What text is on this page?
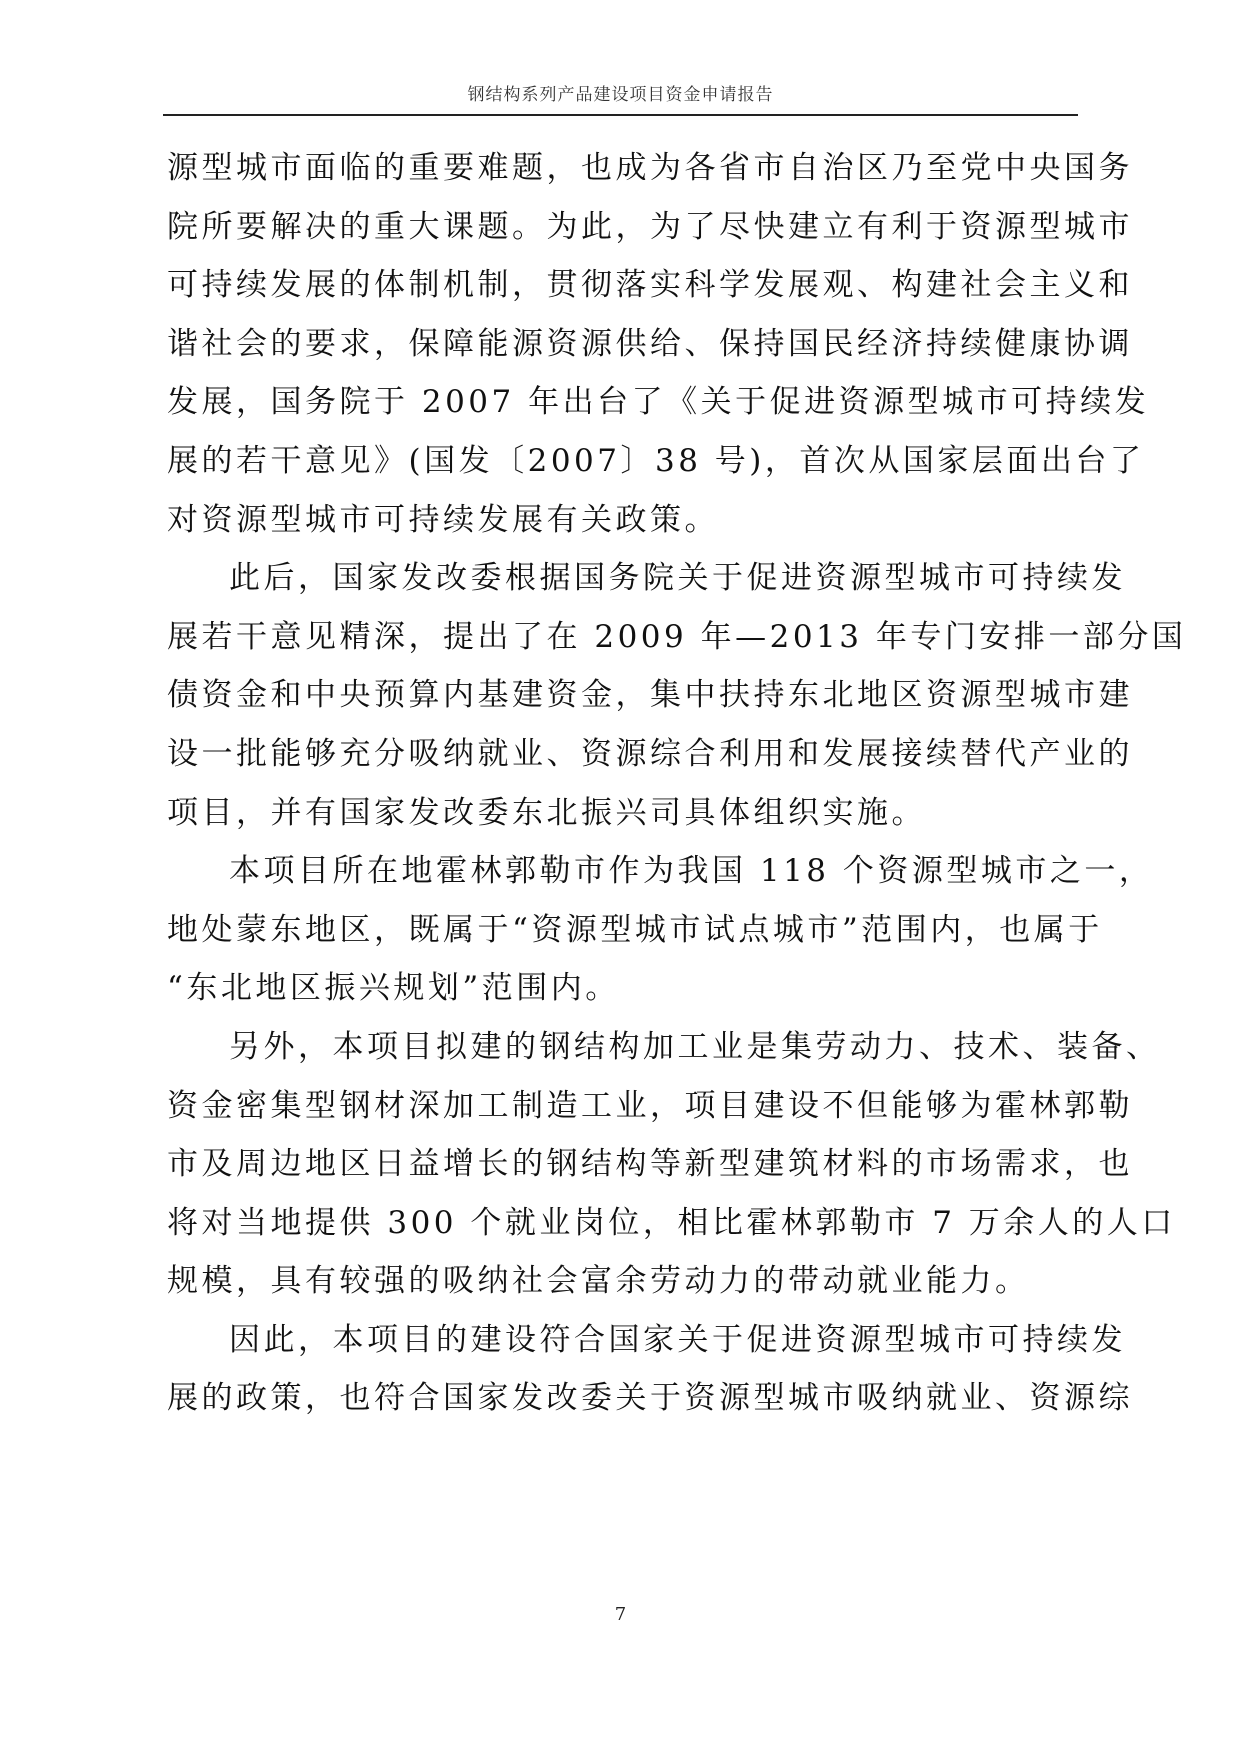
钢结构系列产品建设项目资金申请报告

源型城市面临的重要难题，也成为各省市自治区乃至党中央国务
院所要解决的重大课题。为此，为了尽快建立有利于资源型城市
可持续发展的体制机制，贯彻落实科学发展观、构建社会主义和
谐社会的要求，保障能源资源供给、保持国民经济持续健康协调
发展，国务院于 2007 年出台了《关于促进资源型城市可持续发
展的若干意见》(国发〔2007〕38 号)，首次从国家层面出台了
对资源型城市可持续发展有关政策。

此后，国家发改委根据国务院关于促进资源型城市可持续发
展若干意见精深，提出了在 2009 年—2013 年专门安排一部分国
债资金和中央预算内基建资金，集中扶持东北地区资源型城市建
设一批能够充分吸纳就业、资源综合利用和发展接续替代产业的
项目，并有国家发改委东北振兴司具体组织实施。

本项目所在地霍林郭勒市作为我国 118 个资源型城市之一，
地处蒙东地区，既属于“资源型城市试点城市”范围内，也属于
“东北地区振兴规划”范围内。

另外，本项目拟建的钢结构加工业是集劳动力、技术、装备、
资金密集型钢材深加工制造工业，项目建设不但能够为霍林郭勒
市及周边地区日益增长的钢结构等新型建筑材料的市场需求，也
将对当地提供 300 个就业岗位，相比霍林郭勒市 7 万余人的人口
规模，具有较强的吸纳社会富余劳动力的带动就业能力。

因此，本项目的建设符合国家关于促进资源型城市可持续发
展的政策，也符合国家发改委关于资源型城市吸纳就业、资源综

7
